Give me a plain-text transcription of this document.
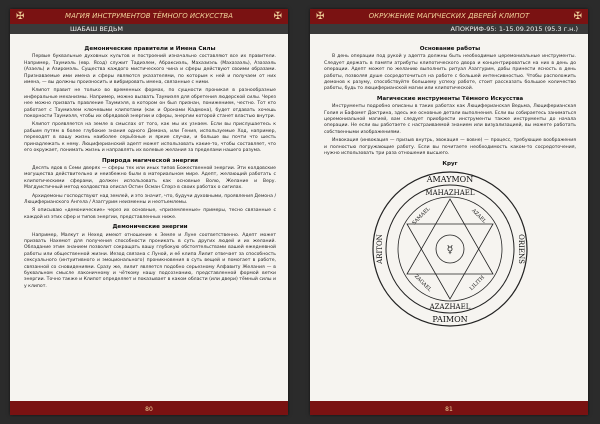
✠	МАГИЯ ИНСТРУМЕНТОВ ТЁМНОГО ИСКУССТВА	✠
ШАБАШ ВЕДЬМ
Демонические правители и Имена Силы

Первые буквальные духовных культов и построений изначально составляют все их правители. Например, Таумиэль (евр. Ясод) служит Тадиэлем, Абраксиэль, Махазиэль (Махазаэль), Азазаэль (Азаель) и Азиромэль. Существа каждого мистического чина и сферы действуют своими образами. Признаваемые ими имена и сферы являются указателями, по которым к ней и получаем от них имена, — вы должны произносить и вибрировать имена, связанные с ними.

Клипот правит не только во временных формах, по сущности проникая в разнообразные инферальные механизмы. Например, можно вызвать Таумиэля для обретения людерской силы. Через нее можно призвать правление Таумиэля, в котором он был признан, понижением, честно. Тот кто работает с Таумиэлем ключевыми клипотами (как и Оронами Кадмона), будет отдавать хочешь покорности Таумиэля, чтобы их обрядовой энергии и сферы, энергии которой станет властью внутри.

Клипот проявляется на земле в смыслах от того, как мы их узнаем. Если вы прислушаетесь к рабьим путям в более глубокие знания одного Демона, или Гения, используемые Ход, например, переходят в вашу жизнь наиболее серьёзные и яркие случаи, и больше вы почти что шесть принадлежать к нему. Люциферианский адепт может использовать какие-то, чтобы составляет, что его окружает, понимать жизнь и направлять их волевые желания за пределами нашего разума.

Природа магической энергии

Десять ядов в Семи дверях — сферы тех или иных типов Божественной энергии. Эти колдовские могущества действительно и неизбежно были в материальном мире. Адепт, желающий работать с клипотическими сферами, должен использовать как основные Волю, Желание и Веру. Магдуистичный метод колдовства описал Остин Осман Спэрэ в своих работах о сигилах.

Архидемоны господствуют над землей, и это значит, что, будучи духовными, проявления Демона / Люциферианского Ангела / Азаггурим неизменны и неотъемлемы.

Я описываю «демонические» через их основные, «приземленные» примеры, тесно связанные с каждой из этих сфер и типов энергии, представленных ниже.

Демонические энергии

Например, Малкут и Нехед имеют отношение к Земле и Луне соответственно. Адепт может призвать Нахемот для получения способности проникать в суть других людей и их желаний. Обладание этим знанием позволит сокращать вашу глубокую обстоятельствами вашей ежедневной работы или общественной жизни. Иезод связана с Луной, и её клипа Лилит отвечает за способность сексуального (интуитивного и эмоционального) проникновения в суть вещей и помогает в работе, связанной со сновидениями. Сразу же, лилит является подобно серьезному Алфавиту Желания — в буквальном смысле лаконичному и чёткому нашу подсознанию, представленной формой ветки энергии. Точно также и Клипот определяет и показывает в каком области (или двери) тёмный силы и у клипот.

80
✠	ОКРУЖЕНИЕ МАГИЧЕСКИХ ДВЕРЕЙ КЛИПОТ	✠
АПОКРИФ-95: 1-15.09.2015 (95.3 г.н.)
Основание работы

В день операции под рукой у адепта должны быть необходимые церемониальные инструменты. Следует держать в памяти атрибуты клипотического двора и концентрироваться на них в день до операции. Адепт может по желанию выполнить ритуал Азаггурим, дабы принести ясность в день работы, позволяя душе сосредоточиться на работе с большей интенсивностью. Чтобы расположить демонов к разуму, способствуйте большему успеху работе, стоит рассказать большое количество работы, будь то люциферианской магии или клипотической.

Магические инструменты Тёмного Искусства

Инструменты подробно описаны в таких работах как Люциферианская Ведьма, Люциферианская Голия и Бафомет Доктрина, здесь же основные детали выполнения. Если вы собираетесь заниматься церемониальной магией, вам следует приобрести инструменты также инструменты до начала операции. Не если вы работаете с настраиваемой знанием или визуализацией, вы можете работать собственными изображениями.

Инвокация (инвокация — призыв внутрь, эвокация — вовне) — процесс, требующие воображения и полностью погружающие работу. Если вы почитаете необходимость каком-то сосредоточения, нужно использовать три раза отношения высшего.

Круг
☿
AMAYMON
MAHAZHAEL
AZAZHAEL
PAIMON
ARITON	ORIENS
SAMAEL	AZAEL
ZAGAEL	LILITH
81
